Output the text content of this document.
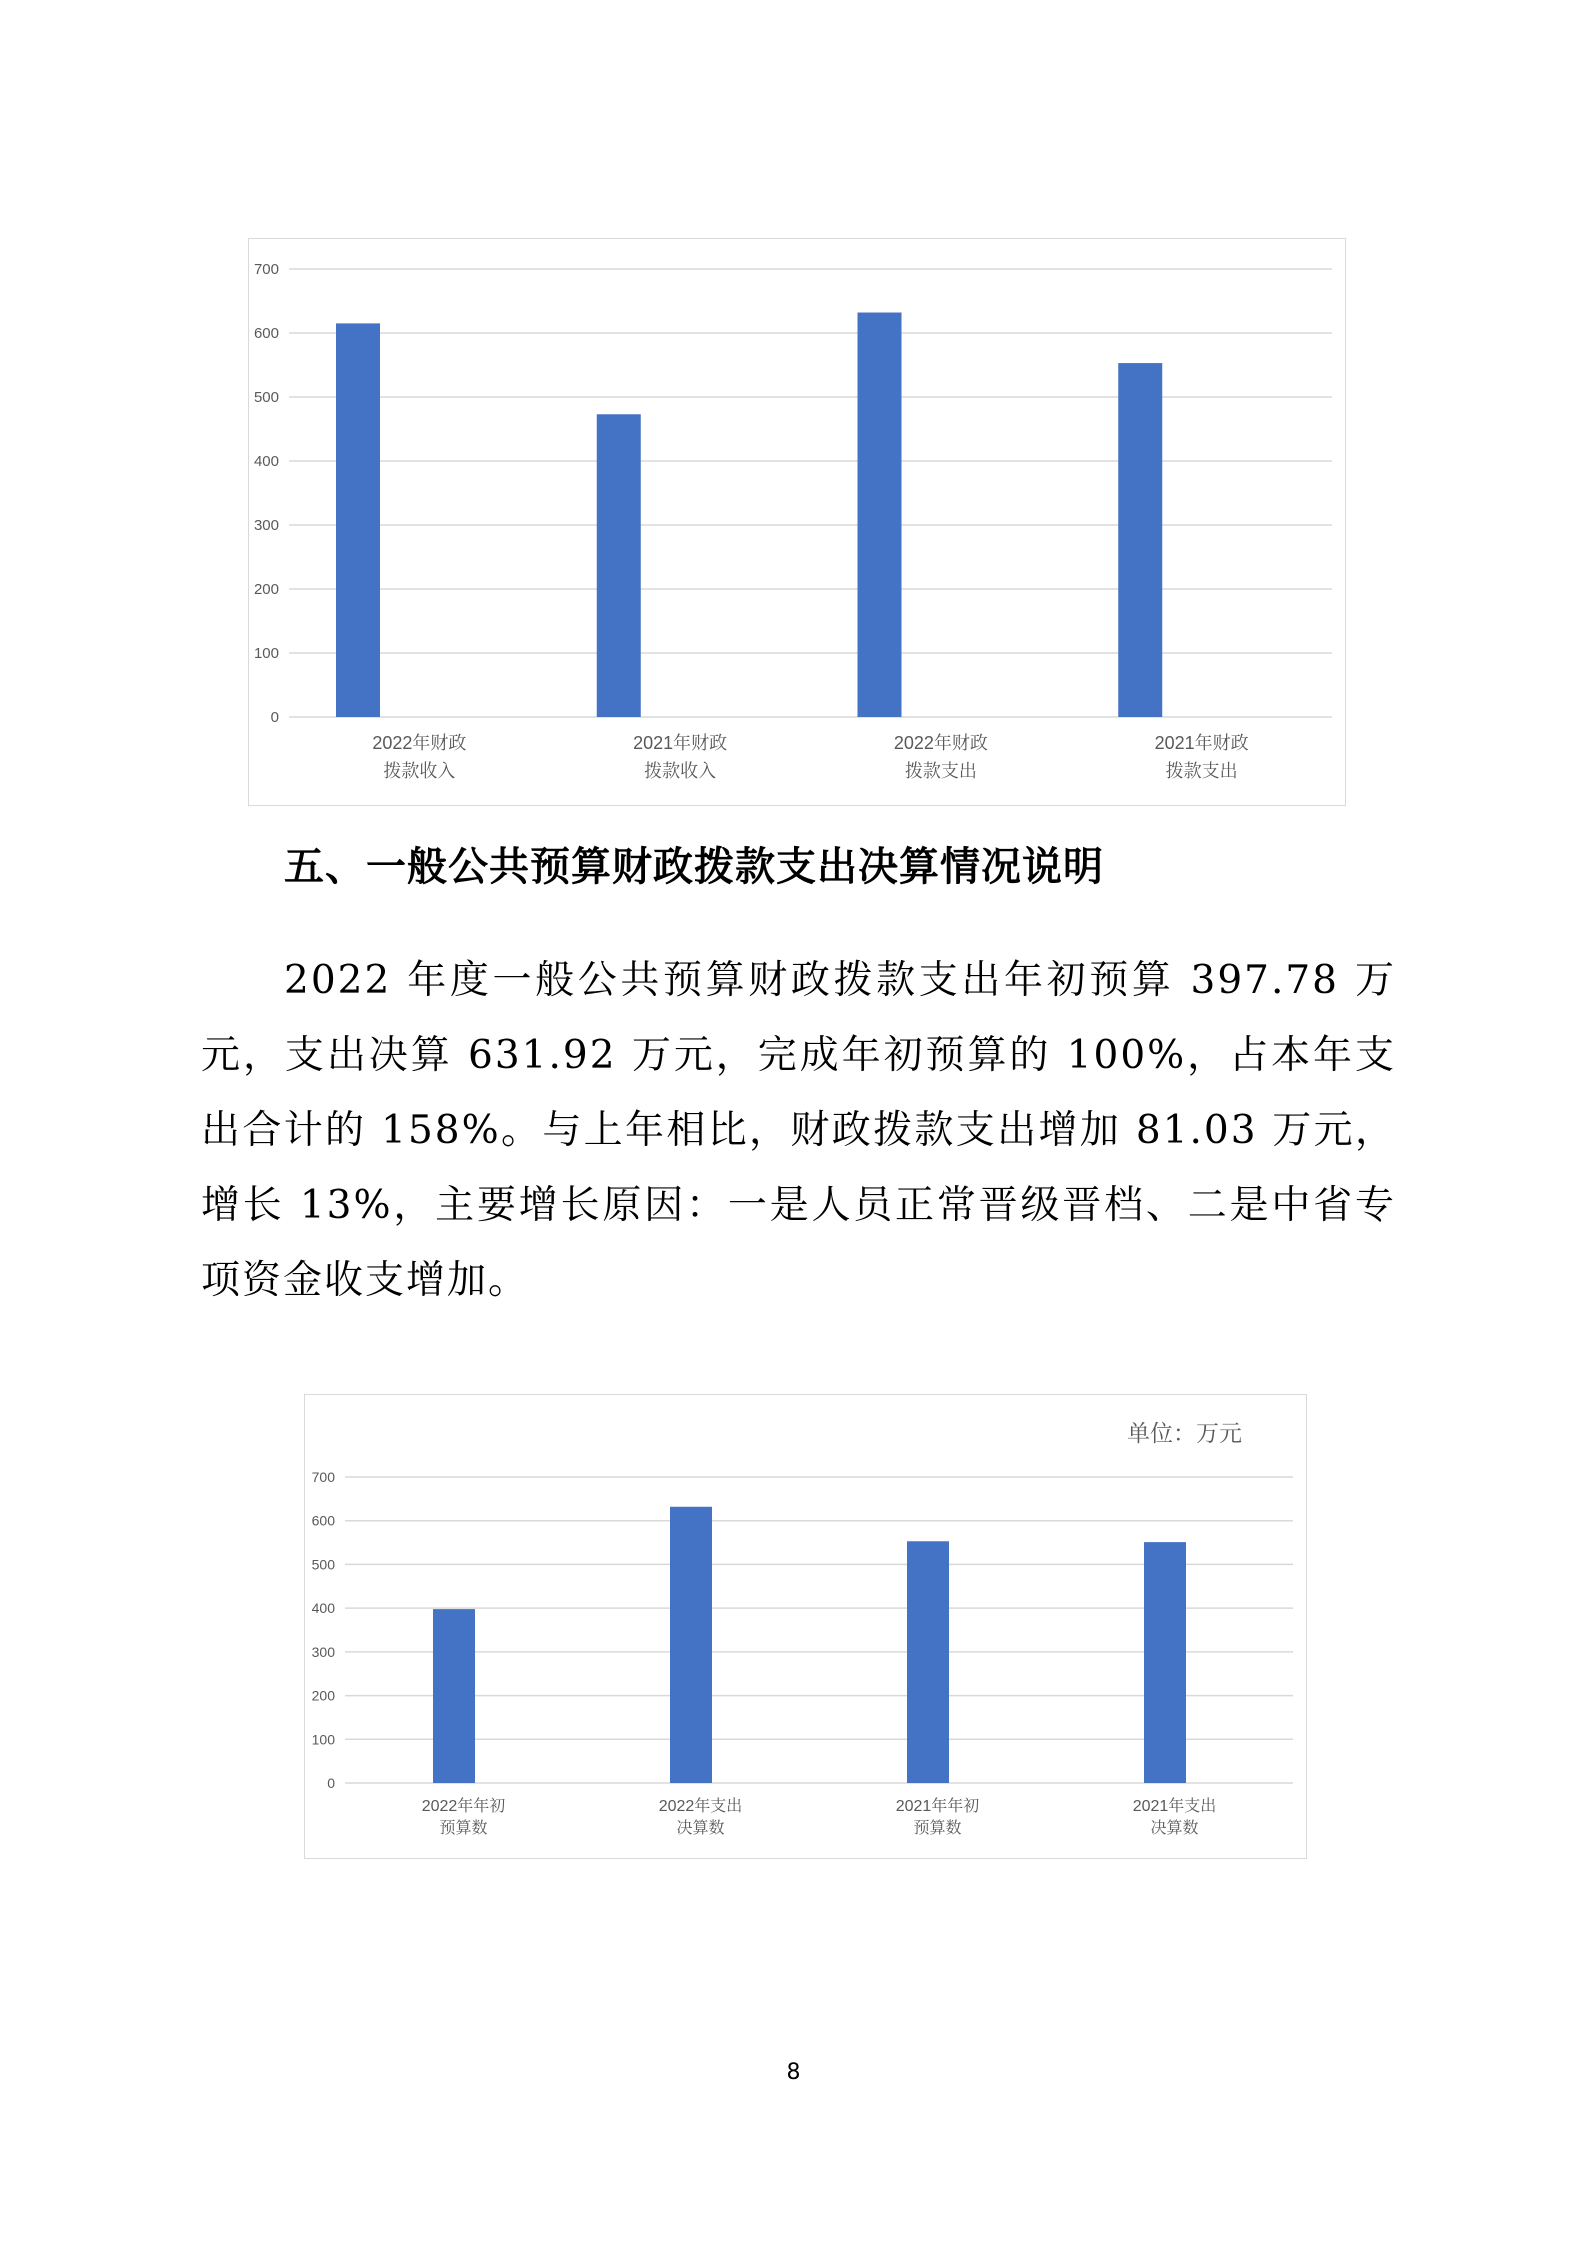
0
100
200
300
400
500
600
700
2022年财政拨款收入
2021年财政拨款收入
2022年财政拨款支出
2021年财政拨款支出
五、一般公共预算财政拨款支出决算情况说明

2022 年度一般公共预算财政拨款支出年初预算 397.78 万元，支出决算 631.92 万元，完成年初预算的 100%，占本年支出合计的 158%。与上年相比，财政拨款支出增加 81.03 万元，增长 13%，主要增长原因：一是人员正常晋级晋档、二是中省专项资金收支增加。

0
100
200
300
400
500
600
700
2022年年初预算数
2022年支出决算数
2021年年初预算数
2021年支出决算数
单位：万元
8
